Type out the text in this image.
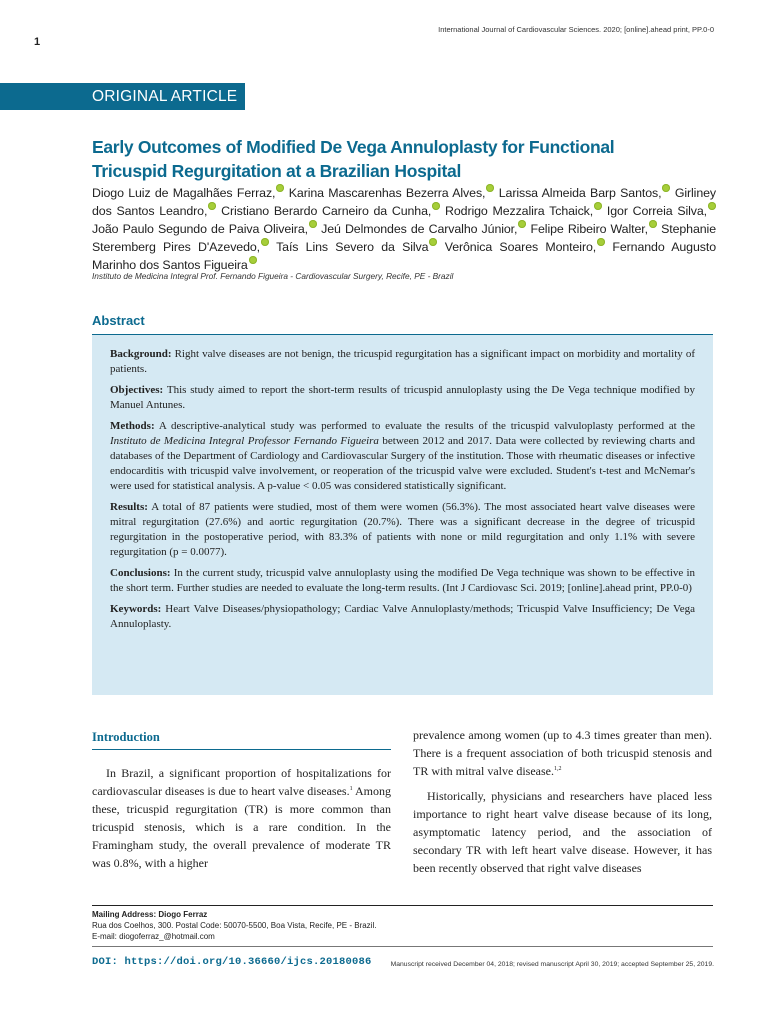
1
International Journal of Cardiovascular Sciences. 2020; [online].ahead print, PP.0-0
ORIGINAL ARTICLE
Early Outcomes of Modified De Vega Annuloplasty for Functional Tricuspid Regurgitation at a Brazilian Hospital
Diogo Luiz de Magalhães Ferraz, Karina Mascarenhas Bezerra Alves, Larissa Almeida Barp Santos, Girliney dos Santos Leandro, Cristiano Berardo Carneiro da Cunha, Rodrigo Mezzalira Tchaick, Igor Correia Silva, João Paulo Segundo de Paiva Oliveira, Jeú Delmondes de Carvalho Júnior, Felipe Ribeiro Walter, Stephanie Steremberg Pires D'Azevedo, Taís Lins Severo da Silva Verônica Soares Monteiro, Fernando Augusto Marinho dos Santos Figueira
Instituto de Medicina Integral Prof. Fernando Figueira - Cardiovascular Surgery, Recife, PE - Brazil
Abstract

Background: Right valve diseases are not benign, the tricuspid regurgitation has a significant impact on morbidity and mortality of patients.

Objectives: This study aimed to report the short-term results of tricuspid annuloplasty using the De Vega technique modified by Manuel Antunes.

Methods: A descriptive-analytical study was performed to evaluate the results of the tricuspid valvuloplasty performed at the Instituto de Medicina Integral Professor Fernando Figueira between 2012 and 2017. Data were collected by reviewing charts and databases of the Department of Cardiology and Cardiovascular Surgery of the institution. Those with rheumatic diseases or infective endocarditis with tricuspid valve involvement, or reoperation of the tricuspid valve were excluded. Student's t-test and McNemar's were used for statistical analysis. A p-value < 0.05 was considered statistically significant.

Results: A total of 87 patients were studied, most of them were women (56.3%). The most associated heart valve diseases were mitral regurgitation (27.6%) and aortic regurgitation (20.7%). There was a significant decrease in the degree of tricuspid regurgitation in the postoperative period, with 83.3% of patients with none or mild regurgitation and only 1.1% with severe regurgitation (p = 0.0077).

Conclusions: In the current study, tricuspid valve annuloplasty using the modified De Vega technique was shown to be effective in the short term. Further studies are needed to evaluate the long-term results. (Int J Cardiovasc Sci. 2019; [online].ahead print, PP.0-0)

Keywords: Heart Valve Diseases/physiopathology; Cardiac Valve Annuloplasty/methods; Tricuspid Valve Insufficiency; De Vega Annuloplasty.

Introduction

In Brazil, a significant proportion of hospitalizations for cardiovascular diseases is due to heart valve diseases.$^1$ Among these, tricuspid regurgitation (TR) is more common than tricuspid stenosis, which is a rare condition. In the Framingham study, the overall prevalence of moderate TR was 0.8%, with a higher

prevalence among women (up to 4.3 times greater than men). There is a frequent association of both tricuspid stenosis and TR with mitral valve disease.$^{1,2}$

Historically, physicians and researchers have placed less importance to right heart valve disease because of its long, asymptomatic latency period, and the association of secondary TR with left heart valve disease. However, it has been recently observed that right valve diseases

Mailing Address: Diogo Ferraz
Rua dos Coelhos, 300. Postal Code: 50070-5500, Boa Vista, Recife, PE - Brazil.
E-mail: diogoferraz_@hotmail.com
DOI: https://doi.org/10.36660/ijcs.20180086	Manuscript received December 04, 2018; revised manuscript April 30, 2019; accepted September 25, 2019.
